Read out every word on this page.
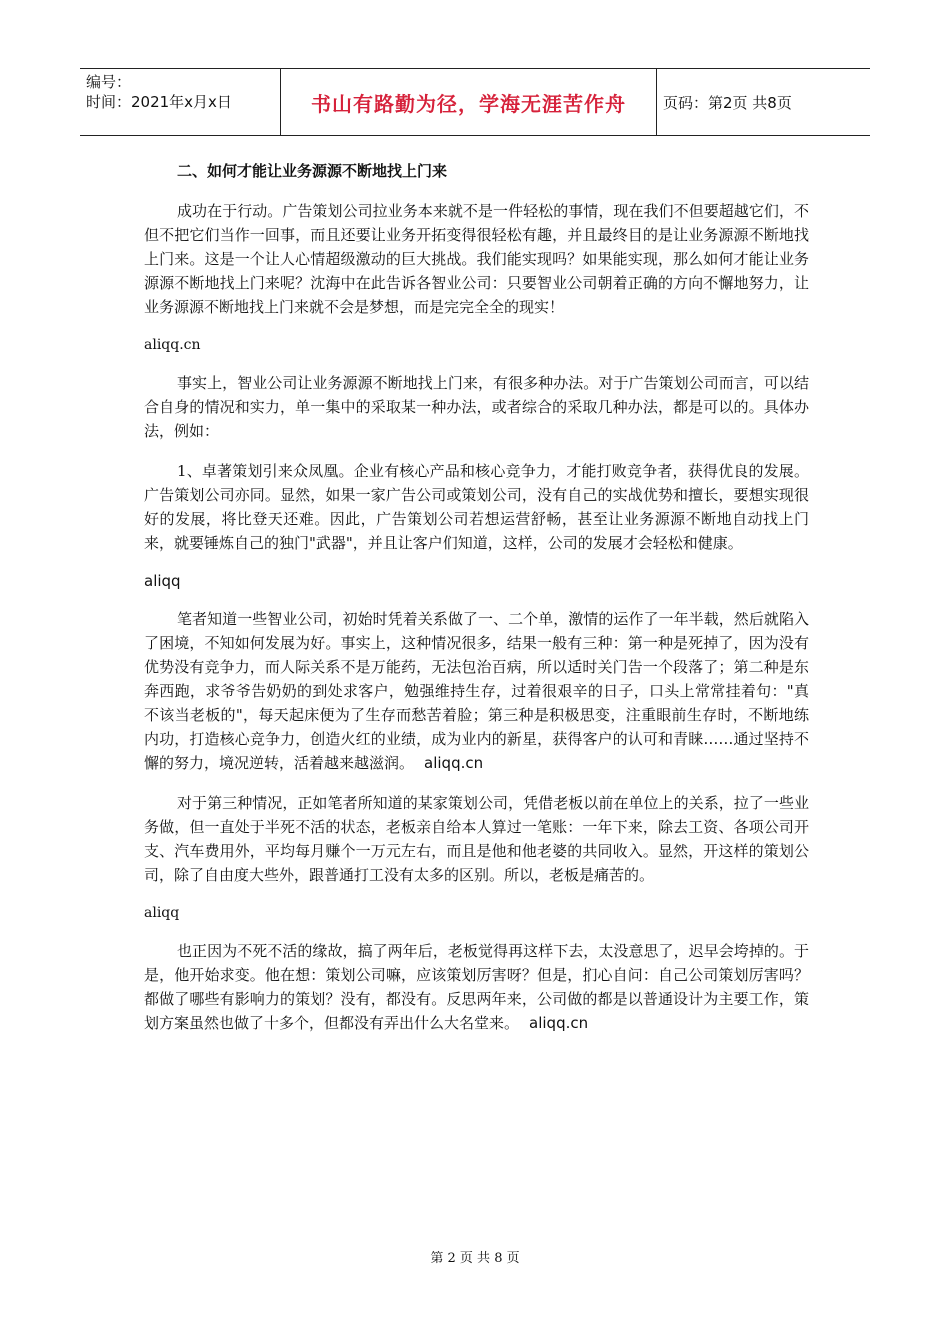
编号：
时间：2021年x月x日	书山有路勤为径，学海无涯苦作舟 页码：第2页 共8页

二、如何才能让业务源源不断地找上门来

成功在于行动。广告策划公司拉业务本来就不是一件轻松的事情，现在我们不但要超越它们，不但不把它们当作一回事，而且还要让业务开拓变得很轻松有趣，并且最终目的是让业务源源不断地找上门来。这是一个让人心情超级激动的巨大挑战。我们能实现吗？如果能实现，那么如何才能让业务源源不断地找上门来呢？沈海中在此告诉各智业公司：只要智业公司朝着正确的方向不懈地努力，让业务源源不断地找上门来就不会是梦想，而是完完全全的现实！

aliqq.cn

事实上，智业公司让业务源源不断地找上门来，有很多种办法。对于广告策划公司而言，可以结合自身的情况和实力，单一集中的采取某一种办法，或者综合的采取几种办法，都是可以的。具体办法，例如：

1、卓著策划引来众凤凰。企业有核心产品和核心竞争力，才能打败竞争者，获得优良的发展。广告策划公司亦同。显然，如果一家广告公司或策划公司，没有自己的实战优势和擅长，要想实现很好的发展，将比登天还难。因此，广告策划公司若想运营舒畅，甚至让业务源源不断地自动找上门来，就要锤炼自己的独门"武器"，并且让客户们知道，这样，公司的发展才会轻松和健康。

aliqq

笔者知道一些智业公司，初始时凭着关系做了一、二个单，激情的运作了一年半载，然后就陷入了困境，不知如何发展为好。事实上，这种情况很多，结果一般有三种：第一种是死掉了，因为没有优势没有竞争力，而人际关系不是万能药，无法包治百病，所以适时关门告一个段落了；第二种是东奔西跑，求爷爷告奶奶的到处求客户，勉强维持生存，过着很艰辛的日子，口头上常常挂着句："真不该当老板的"，每天起床便为了生存而愁苦着脸；第三种是积极思变，注重眼前生存时，不断地练内功，打造核心竞争力，创造火红的业绩，成为业内的新星，获得客户的认可和青睐……通过坚持不懈的努力，境况逆转，活着越来越滋润。 aliqq.cn

对于第三种情况，正如笔者所知道的某家策划公司，凭借老板以前在单位上的关系，拉了一些业务做，但一直处于半死不活的状态，老板亲自给本人算过一笔账：一年下来，除去工资、各项公司开支、汽车费用外，平均每月赚个一万元左右，而且是他和他老婆的共同收入。显然，开这样的策划公司，除了自由度大些外，跟普通打工没有太多的区别。所以，老板是痛苦的。

aliqq

也正因为不死不活的缘故，搞了两年后，老板觉得再这样下去，太没意思了，迟早会垮掉的。于是，他开始求变。他在想：策划公司嘛，应该策划厉害呀？但是，扪心自问：自己公司策划厉害吗？都做了哪些有影响力的策划？没有，都没有。反思两年来，公司做的都是以普通设计为主要工作，策划方案虽然也做了十多个，但都没有弄出什么大名堂来。 aliqq.cn

第 2 页 共 8 页
